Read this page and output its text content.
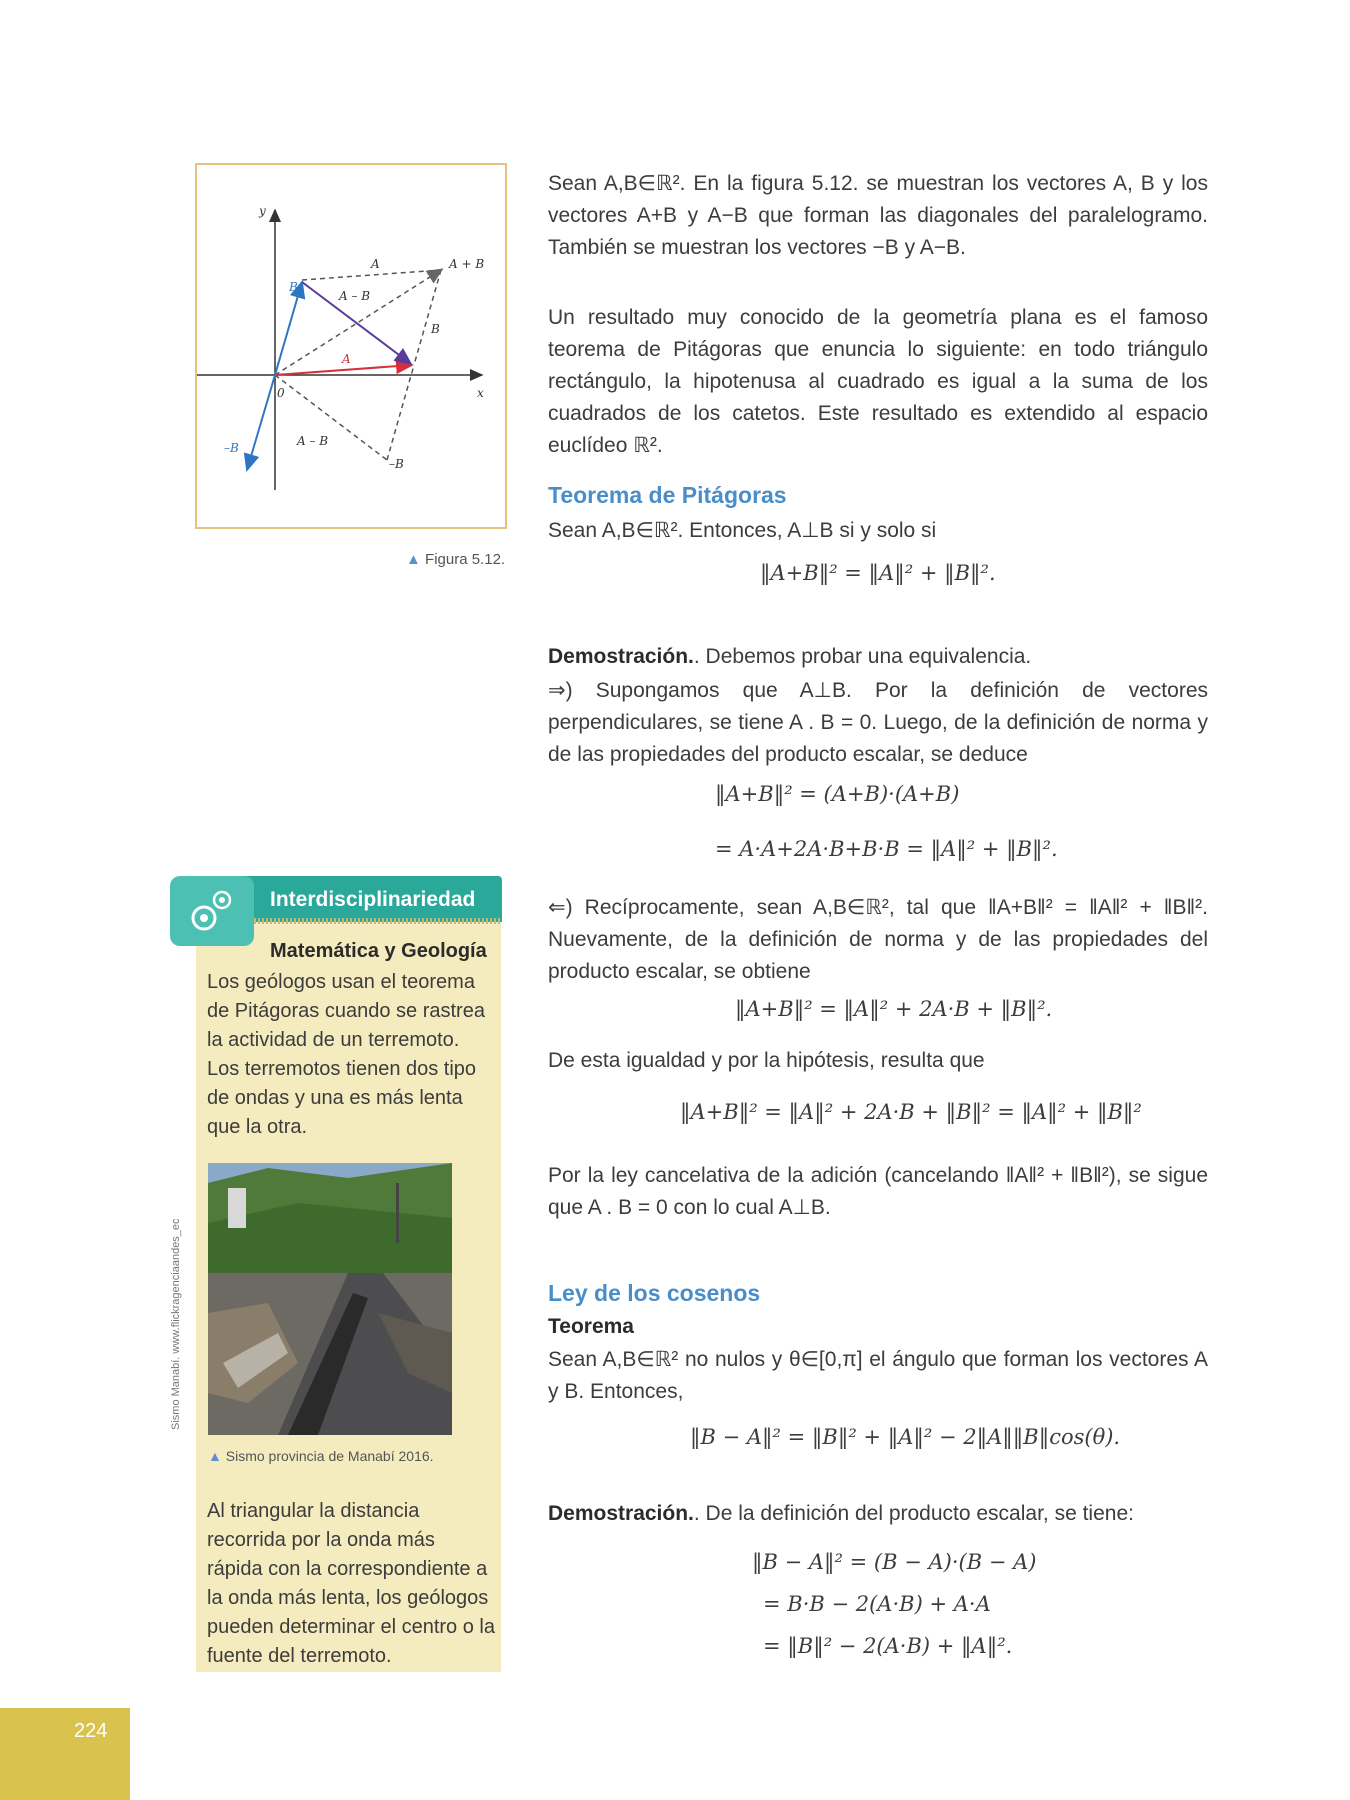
y
x
0
A	A + B
B
A – B
B
A
–B	A – B
–B
▲ Figura 5.12.
Sean A,B∈ℝ². En la figura 5.12. se muestran los vectores A, B y los vectores A+B y A−B que forman las diagonales del paralelogramo. También se muestran los vectores −B y A−B.
Un resultado muy conocido de la geometría plana es el famoso teorema de Pitágoras que enuncia lo siguiente: en todo triángulo rectángulo, la hipotenusa al cuadrado es igual a la suma de los cuadrados de los catetos. Este resultado es extendido al espacio euclídeo ℝ².
Teorema de Pitágoras
Sean A,B∈ℝ². Entonces, A⊥B si y solo si
‖A+B‖² = ‖A‖² + ‖B‖².
Demostración.. Debemos probar una equivalencia.
⇒) Supongamos que A⊥B. Por la definición de vectores perpendiculares, se tiene A . B = 0. Luego, de la definición de norma y de las propiedades del producto escalar, se deduce
‖A+B‖² = (A+B)·(A+B)
= A·A+2A·B+B·B = ‖A‖² + ‖B‖².
⇐) Recíprocamente, sean A,B∈ℝ², tal que ‖A+B‖² = ‖A‖² + ‖B‖². Nuevamente, de la definición de norma y de las propiedades del producto escalar, se obtiene
‖A+B‖² = ‖A‖² + 2A·B + ‖B‖².
De esta igualdad y por la hipótesis, resulta que
‖A+B‖² = ‖A‖² + 2A·B + ‖B‖² = ‖A‖² + ‖B‖²
Por la ley cancelativa de la adición (cancelando ‖A‖² + ‖B‖²), se sigue que A . B = 0 con lo cual A⊥B.
Ley de los cosenos
Teorema
Sean A,B∈ℝ² no nulos y θ∈[0,π] el ángulo que forman los vectores A y B. Entonces,
‖B − A‖² = ‖B‖² + ‖A‖² − 2‖A‖‖B‖cos(θ).
Demostración.. De la definición del producto escalar, se tiene:
‖B − A‖² = (B − A)·(B − A)
= B·B − 2(A·B) + A·A
= ‖B‖² − 2(A·B) + ‖A‖².
Interdisciplinariedad
Matemática y Geología
Los geólogos usan el teorema de Pitágoras cuando se rastrea la actividad de un terremoto. Los terremotos tienen dos tipo de ondas y una es más lenta que la otra.
Sismo Manabí. www.flickragenciaandes_ec
▲ Sismo provincia de Manabí 2016.
Al triangular la distancia recorrida por la onda más rápida con la correspondiente a la onda más lenta, los geólogos pueden determinar el centro o la fuente del terremoto.
224
